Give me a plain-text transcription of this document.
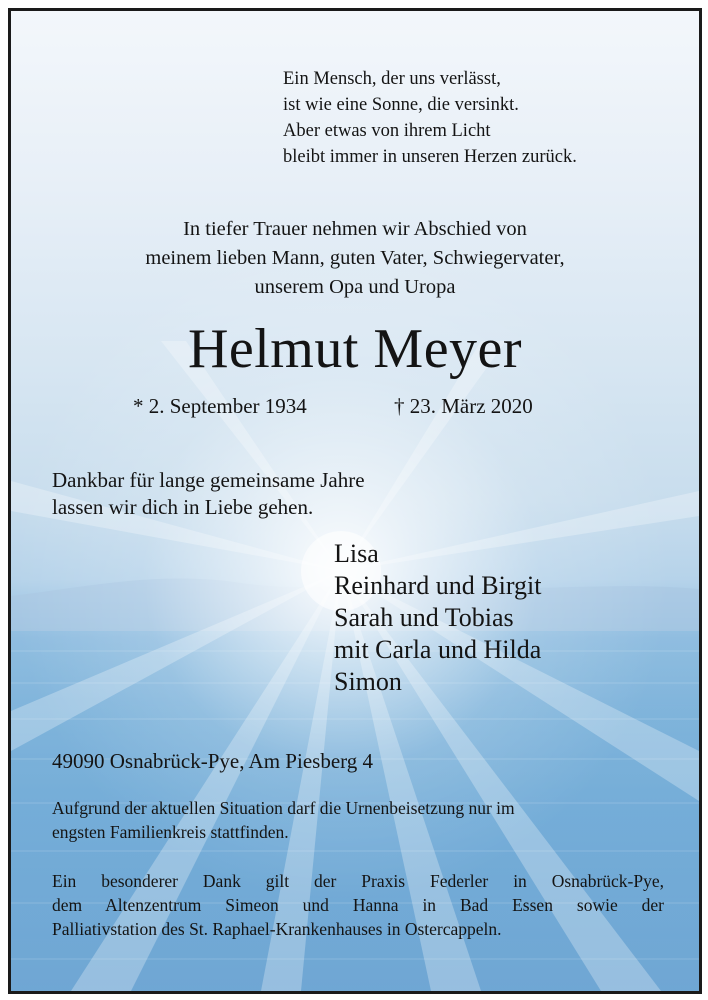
Ein Mensch, der uns verlässt,
ist wie eine Sonne, die versinkt.
Aber etwas von ihrem Licht
bleibt immer in unseren Herzen zurück.
In tiefer Trauer nehmen wir Abschied von
meinem lieben Mann, guten Vater, Schwiegervater,
unserem Opa und Uropa
Helmut Meyer
* 2. September 1934	† 23. März 2020
Dankbar für lange gemeinsame Jahre
lassen wir dich in Liebe gehen.
Lisa
Reinhard und Birgit
Sarah und Tobias
mit Carla und Hilda
Simon
49090 Osnabrück-Pye, Am Piesberg 4
Aufgrund der aktuellen Situation darf die Urnenbeisetzung nur im
engsten Familienkreis stattfinden.
Ein besonderer Dank gilt der Praxis Federler in Osnabrück-Pye,
dem Altenzentrum Simeon und Hanna in Bad Essen sowie der
Palliativstation des St. Raphael-Krankenhauses in Ostercappeln.
